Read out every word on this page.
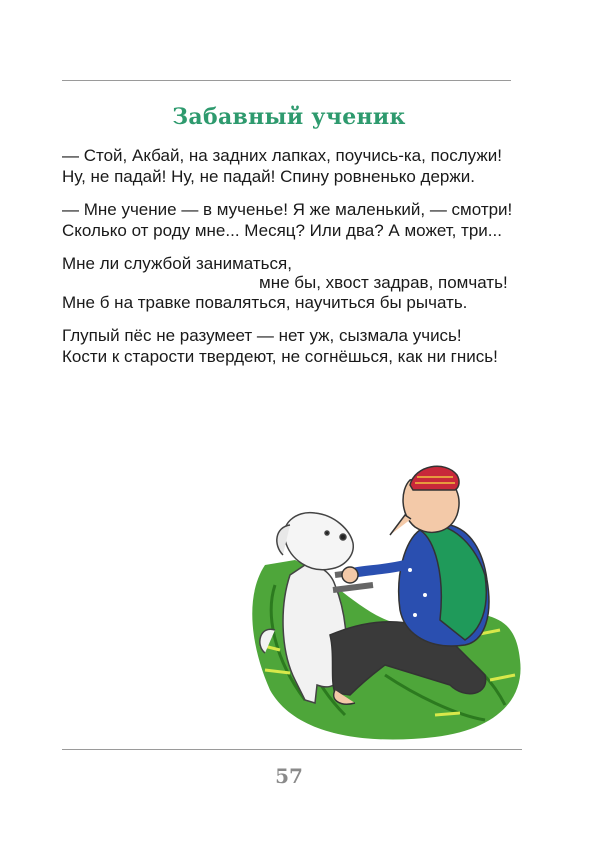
Забавный ученик
— Стой, Акбай, на задних лапках, поучись-ка, послужи!
Ну, не падай! Ну, не падай! Спину ровненько держи.
— Мне учение — в мученье! Я же маленький, — смотри!
Сколько от роду мне... Месяц? Или два? А может, три...
Мне ли службой заниматься,
мне бы, хвост задрав, помчать!
Мне б на травке поваляться, научиться бы рычать.
Глупый пёс не разумеет — нет уж, сызмала учись!
Кости к старости твердеют, не согнёшься, как ни гнись!
57
